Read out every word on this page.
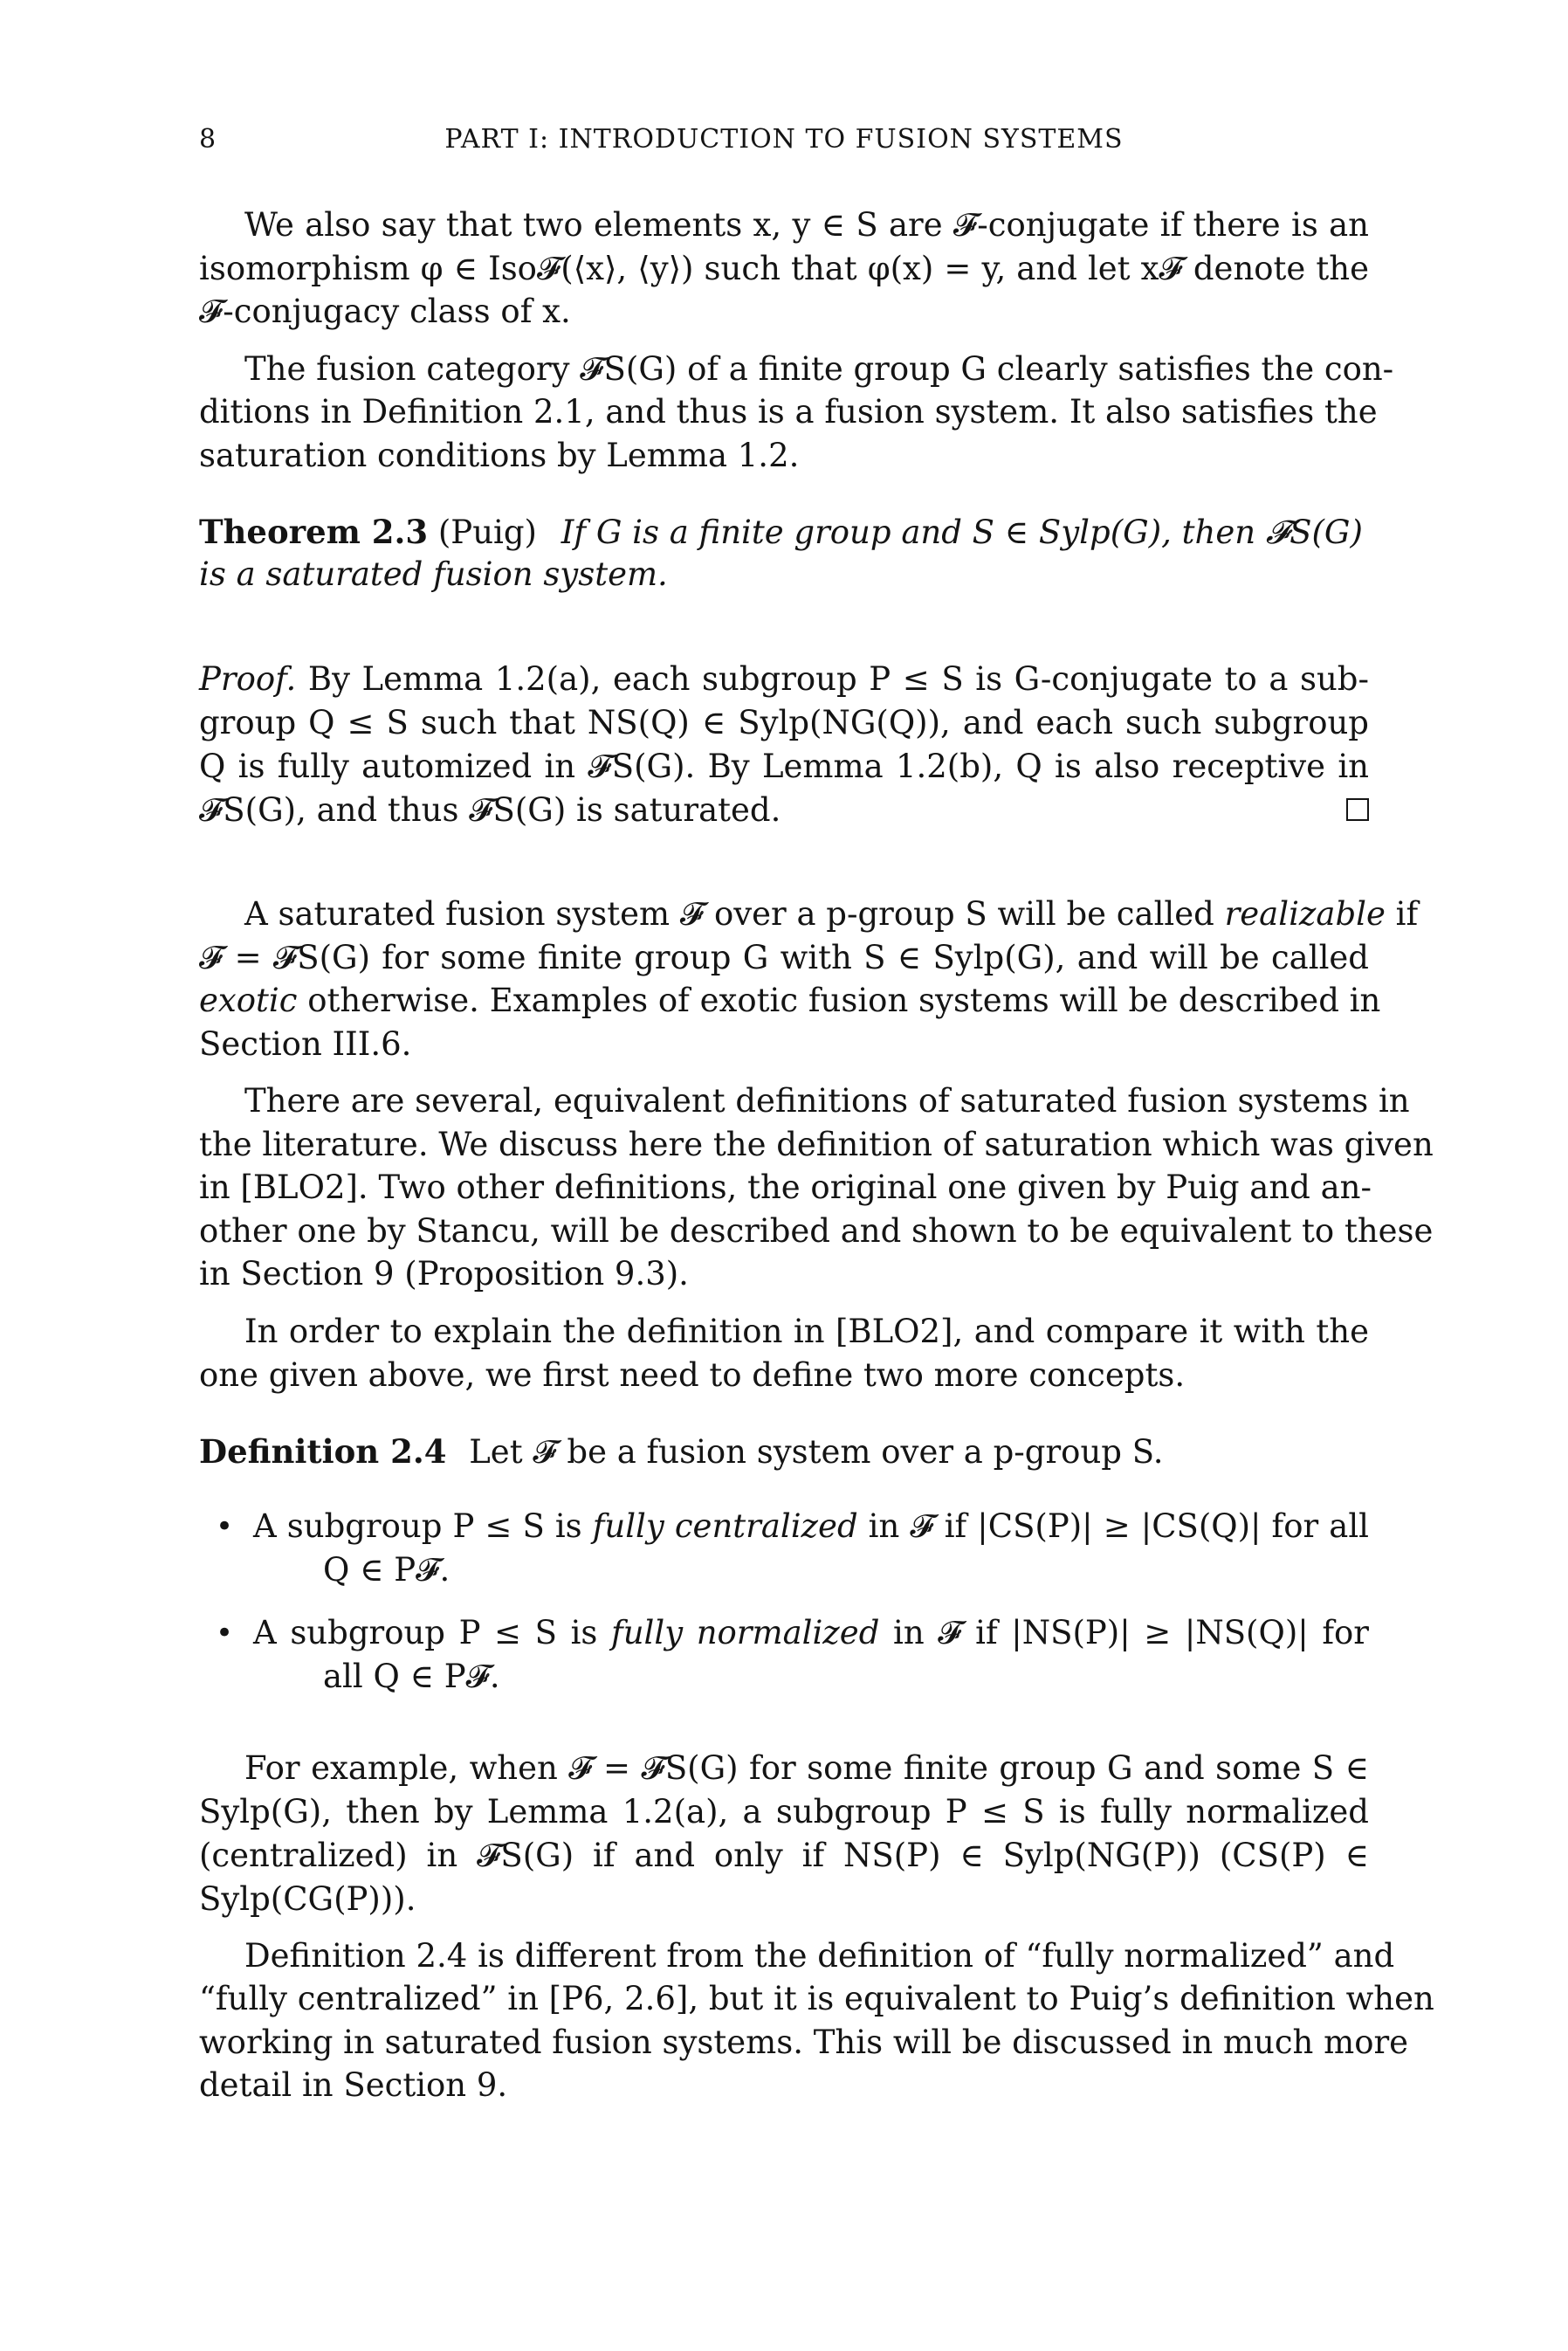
8	PART I: INTRODUCTION TO FUSION SYSTEMS
We also say that two elements x, y ∈ S are 𝓕-conjugate if there is an
isomorphism φ ∈ Iso𝓕(⟨x⟩, ⟨y⟩) such that φ(x) = y, and let x𝓕 denote the
𝓕-conjugacy class of x.
The fusion category 𝓕S(G) of a finite group G clearly satisfies the con-
ditions in Definition 2.1, and thus is a fusion system. It also satisfies the
saturation conditions by Lemma 1.2.
Theorem 2.3 (Puig) If G is a finite group and S ∈ Sylp(G), then 𝓕S(G)
is a saturated fusion system.
Proof. By Lemma 1.2(a), each subgroup P ≤ S is G-conjugate to a sub-
group Q ≤ S such that NS(Q) ∈ Sylp(NG(Q)), and each such subgroup
Q is fully automized in 𝓕S(G). By Lemma 1.2(b), Q is also receptive in
𝓕S(G), and thus 𝓕S(G) is saturated.
A saturated fusion system 𝓕 over a p-group S will be called realizable if
𝓕 = 𝓕S(G) for some finite group G with S ∈ Sylp(G), and will be called
exotic otherwise. Examples of exotic fusion systems will be described in
Section III.6.
There are several, equivalent definitions of saturated fusion systems in
the literature. We discuss here the definition of saturation which was given
in [BLO2]. Two other definitions, the original one given by Puig and an-
other one by Stancu, will be described and shown to be equivalent to these
in Section 9 (Proposition 9.3).
In order to explain the definition in [BLO2], and compare it with the
one given above, we first need to define two more concepts.
Definition 2.4 Let 𝓕 be a fusion system over a p-group S.
• A subgroup P ≤ S is fully centralized in 𝓕 if |CS(P)| ≥ |CS(Q)| for all
Q ∈ P𝓕.
• A subgroup P ≤ S is fully normalized in 𝓕 if |NS(P)| ≥ |NS(Q)| for
all Q ∈ P𝓕.
For example, when 𝓕 = 𝓕S(G) for some finite group G and some S ∈
Sylp(G), then by Lemma 1.2(a), a subgroup P ≤ S is fully normalized
(centralized) in 𝓕S(G) if and only if NS(P) ∈ Sylp(NG(P)) (CS(P) ∈
Sylp(CG(P))).
Definition 2.4 is different from the definition of “fully normalized” and
“fully centralized” in [P6, 2.6], but it is equivalent to Puig’s definition when
working in saturated fusion systems. This will be discussed in much more
detail in Section 9.
